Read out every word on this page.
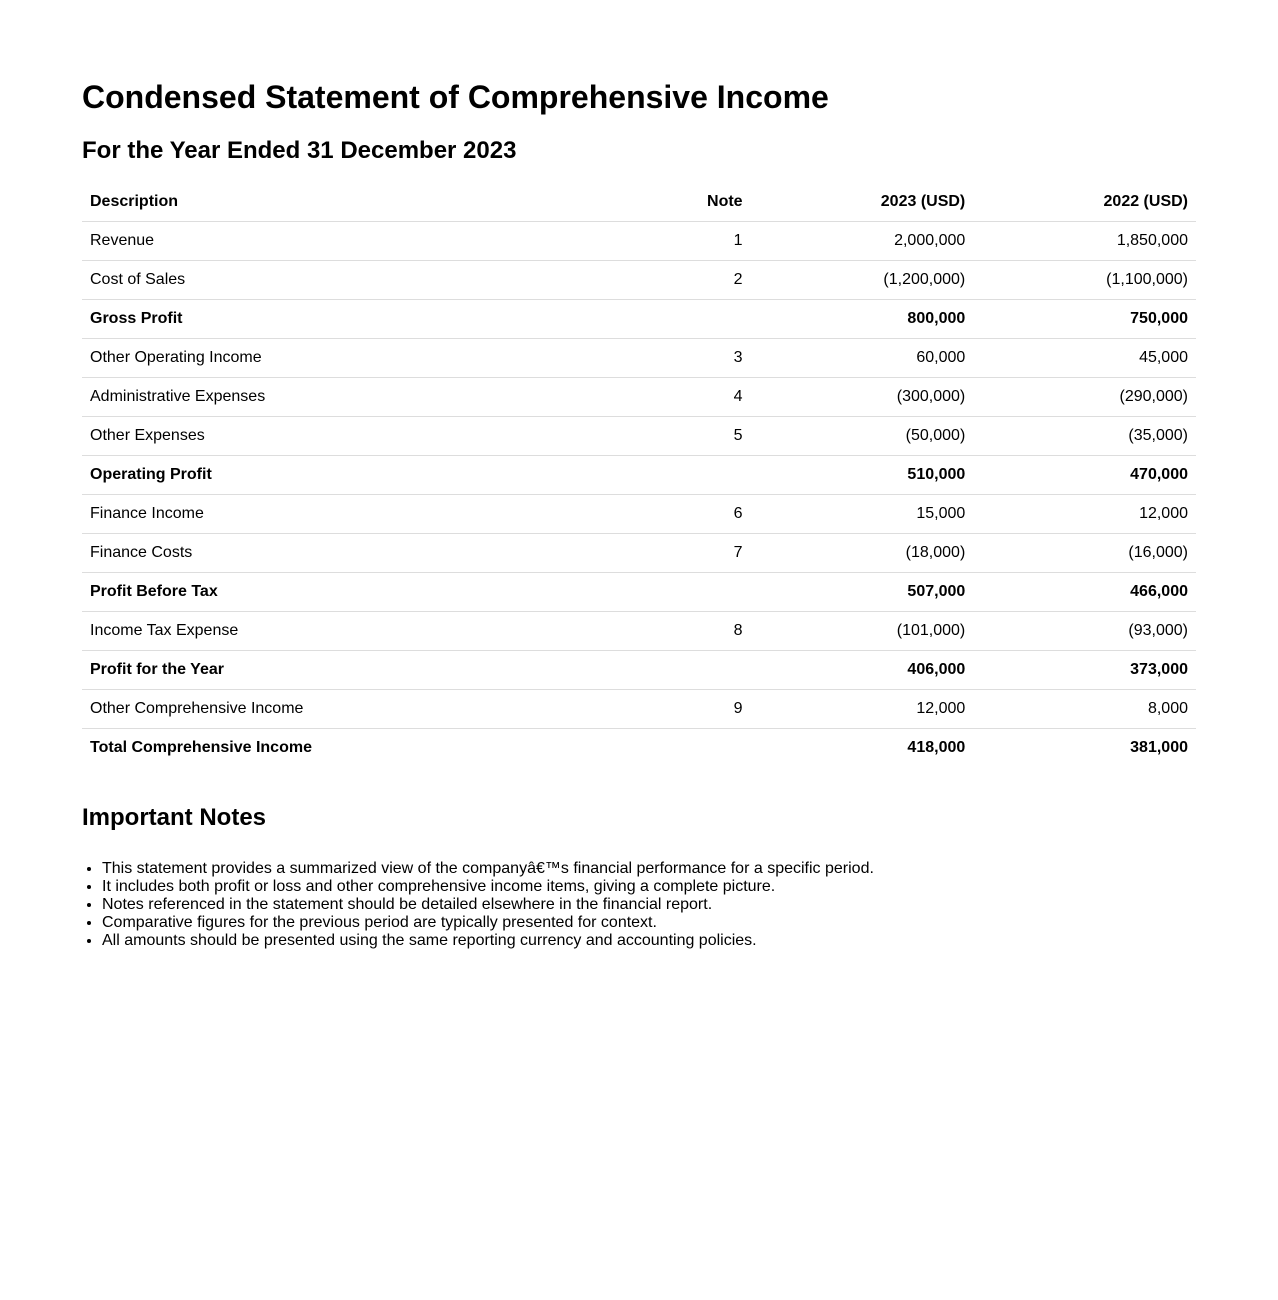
Condensed Statement of Comprehensive Income
For the Year Ended 31 December 2023
Description	Note	2023 (USD)	2022 (USD)
Revenue	1	2,000,000	1,850,000
Cost of Sales	2	(1,200,000)	(1,100,000)
Gross Profit		800,000	750,000
Other Operating Income	3	60,000	45,000
Administrative Expenses	4	(300,000)	(290,000)
Other Expenses	5	(50,000)	(35,000)
Operating Profit		510,000	470,000
Finance Income	6	15,000	12,000
Finance Costs	7	(18,000)	(16,000)
Profit Before Tax		507,000	466,000
Income Tax Expense	8	(101,000)	(93,000)
Profit for the Year		406,000	373,000
Other Comprehensive Income	9	12,000	8,000
Total Comprehensive Income		418,000	381,000
Important Notes
• This statement provides a summarized view of the companyâ€™s financial performance for a specific period.
• It includes both profit or loss and other comprehensive income items, giving a complete picture.
• Notes referenced in the statement should be detailed elsewhere in the financial report.
• Comparative figures for the previous period are typically presented for context.
• All amounts should be presented using the same reporting currency and accounting policies.
